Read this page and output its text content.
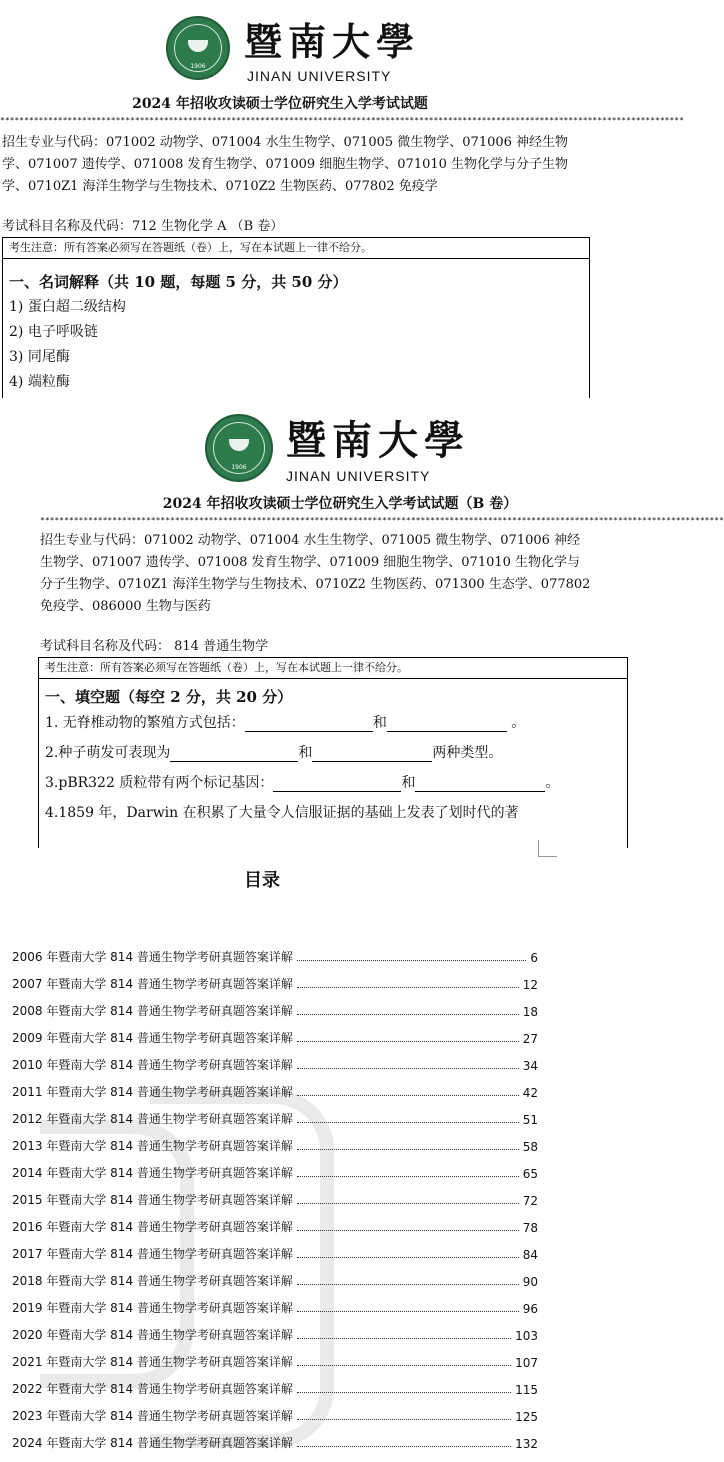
1906
暨南大學
JINAN UNIVERSITY
2024 年招收攻读硕士学位研究生入学考试试题
**********************************************************************************************************************************************
招生专业与代码：071002 动物学、071004 水生生物学、071005 微生物学、071006 神经生物
学、071007 遗传学、071008 发育生物学、071009 细胞生物学、071010 生物化学与分子生物
学、0710Z1 海洋生物学与生物技术、0710Z2 生物医药、077802 免疫学
考试科目名称及代码：712 生物化学 A （B 卷）
考生注意：所有答案必须写在答题纸（卷）上，写在本试题上一律不给分。
一、名词解释（共 10 题，每题 5 分，共 50 分）
1) 蛋白超二级结构
2) 电子呼吸链
3) 同尾酶
4) 端粒酶
1906
暨南大學
JINAN UNIVERSITY
2024 年招收攻读硕士学位研究生入学考试试题（B 卷）
**********************************************************************************************************************************************
招生专业与代码：071002 动物学、071004 水生生物学、071005 微生物学、071006 神经
生物学、071007 遗传学、071008 发育生物学、071009 细胞生物学、071010 生物化学与
分子生物学、0710Z1 海洋生物学与生物技术、0710Z2 生物医药、071300 生态学、077802
免疫学、086000 生物与医药
考试科目名称及代码： 814 普通生物学
考生注意：所有答案必须写在答题纸（卷）上，写在本试题上一律不给分。
一、填空题（每空 2 分，共 20 分）
1. 无脊椎动物的繁殖方式包括：	和	。
2.种子萌发可表现为	和	两种类型。
3.pBR322 质粒带有两个标记基因：	和	。
4.1859 年，Darwin 在积累了大量令人信服证据的基础上发表了划时代的著
目录
2006 年暨南大学 814 普通生物学考研真题答案详解	6
2007 年暨南大学 814 普通生物学考研真题答案详解	12
2008 年暨南大学 814 普通生物学考研真题答案详解	18
2009 年暨南大学 814 普通生物学考研真题答案详解	27
2010 年暨南大学 814 普通生物学考研真题答案详解	34
2011 年暨南大学 814 普通生物学考研真题答案详解	42
2012 年暨南大学 814 普通生物学考研真题答案详解	51
2013 年暨南大学 814 普通生物学考研真题答案详解	58
2014 年暨南大学 814 普通生物学考研真题答案详解	65
2015 年暨南大学 814 普通生物学考研真题答案详解	72
2016 年暨南大学 814 普通生物学考研真题答案详解	78
2017 年暨南大学 814 普通生物学考研真题答案详解	84
2018 年暨南大学 814 普通生物学考研真题答案详解	90
2019 年暨南大学 814 普通生物学考研真题答案详解	96
2020 年暨南大学 814 普通生物学考研真题答案详解	103
2021 年暨南大学 814 普通生物学考研真题答案详解	107
2022 年暨南大学 814 普通生物学考研真题答案详解	115
2023 年暨南大学 814 普通生物学考研真题答案详解	125
2024 年暨南大学 814 普通生物学考研真题答案详解	132
